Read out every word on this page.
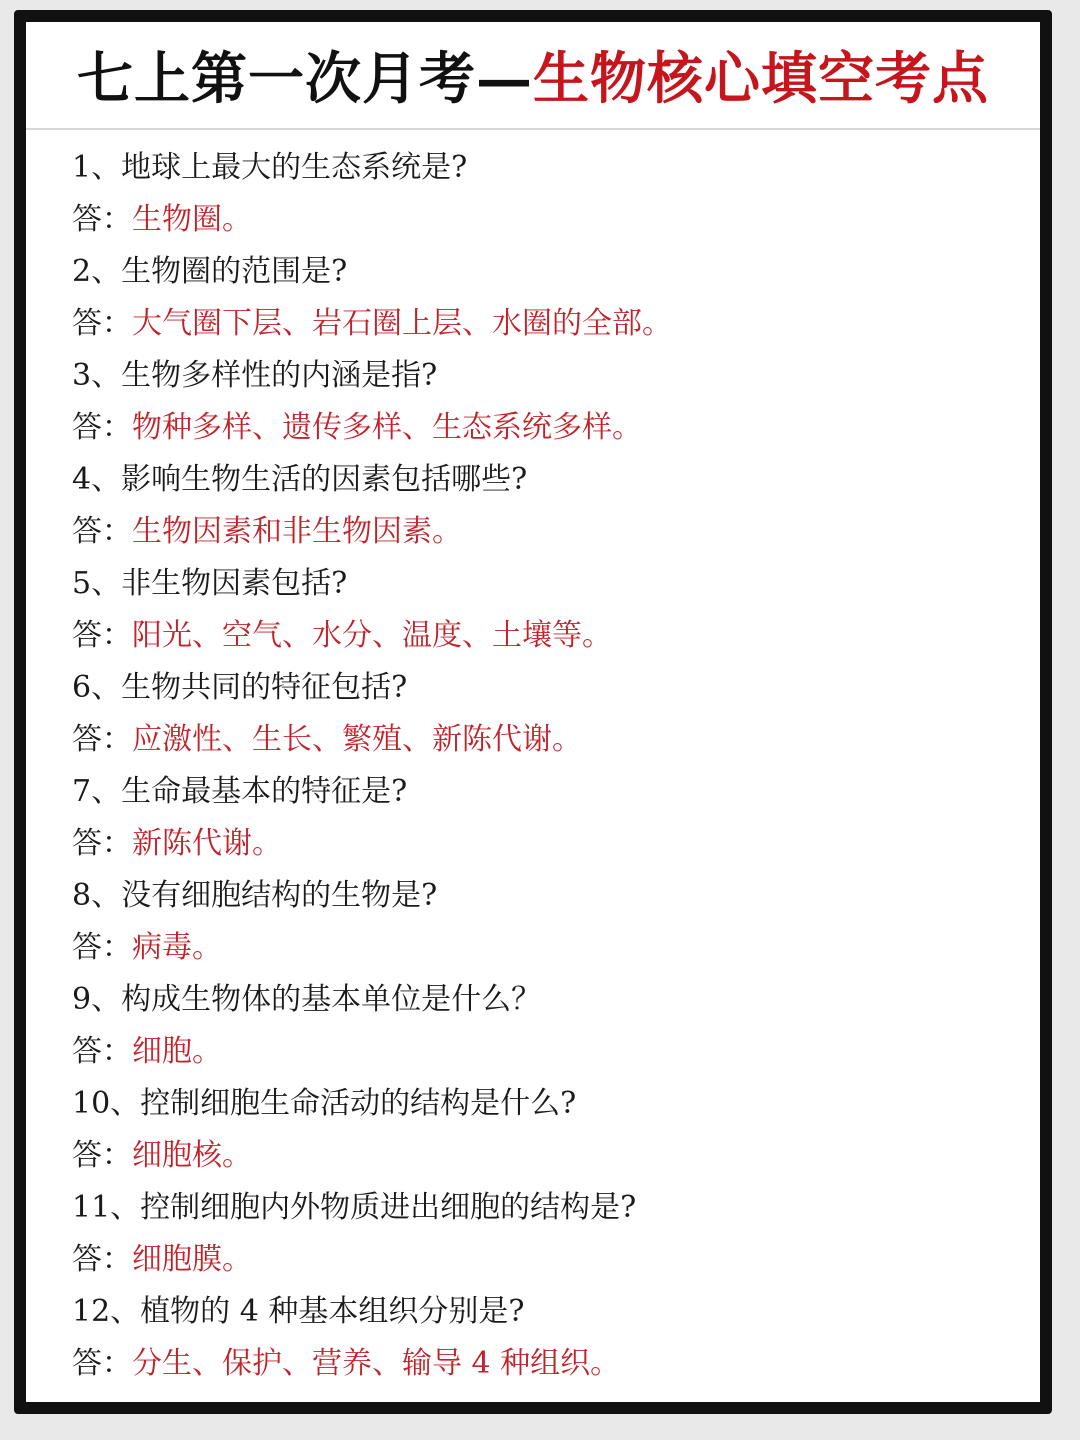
七上第一次月考— 生物核心填空考点
1、地球上最大的生态系统是?
答：生物圈。
2、生物圈的范围是?
答：大气圈下层、岩石圈上层、水圈的全部。
3、生物多样性的内涵是指?
答：物种多样、遗传多样、生态系统多样。
4、影响生物生活的因素包括哪些?
答：生物因素和非生物因素。
5、非生物因素包括?
答：阳光、空气、水分、温度、土壤等。
6、生物共同的特征包括?
答：应激性、生长、繁殖、新陈代谢。
7、生命最基本的特征是?
答：新陈代谢。
8、没有细胞结构的生物是?
答：病毒。
9、构成生物体的基本单位是什么？
答：细胞。
10、控制细胞生命活动的结构是什么?
答：细胞核。
11、控制细胞内外物质进出细胞的结构是?
答：细胞膜。
12、植物的 4 种基本组织分别是?
答：分生、保护、营养、输导 4 种组织。
